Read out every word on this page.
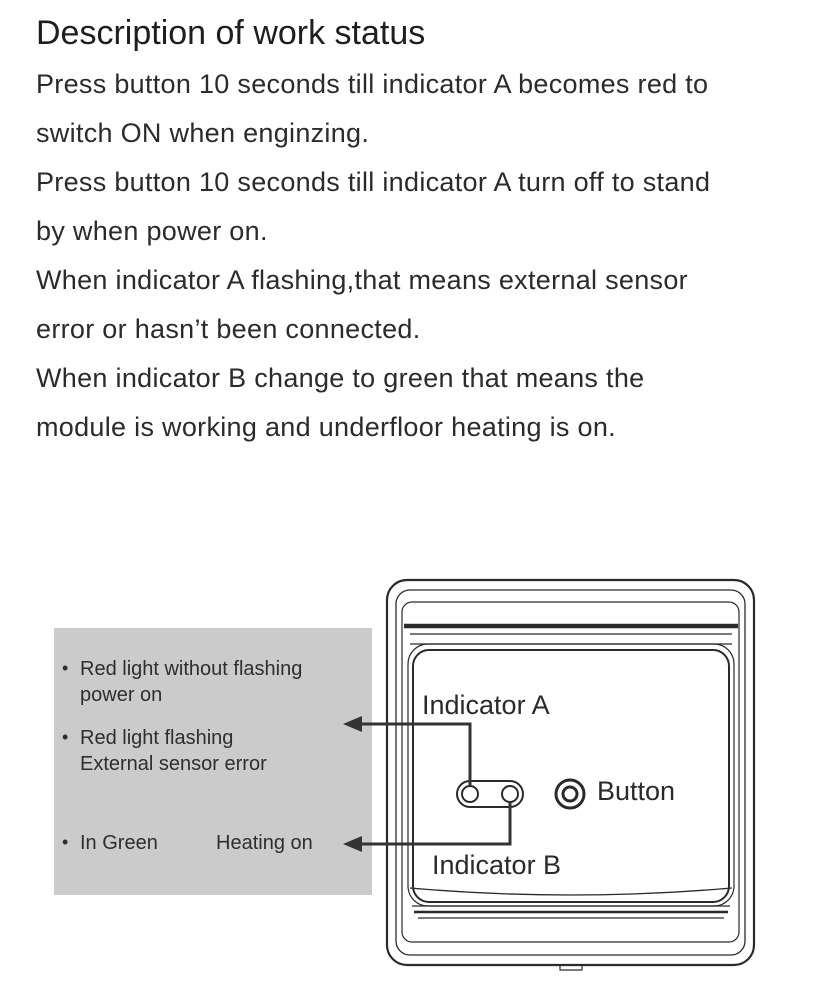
Description of work status
Press button 10 seconds till indicator A becomes red to
switch ON when enginzing.
Press button 10 seconds till indicator A turn off to stand
by when power on.
When indicator A flashing,that means external sensor
error or hasn’t been connected.
When indicator B change to green that means the
module is working and underfloor heating is on.
• Red light without flashing
power on
• Red light flashing
External sensor error
• In Green	Heating on
Indicator A
Button
Indicator B
